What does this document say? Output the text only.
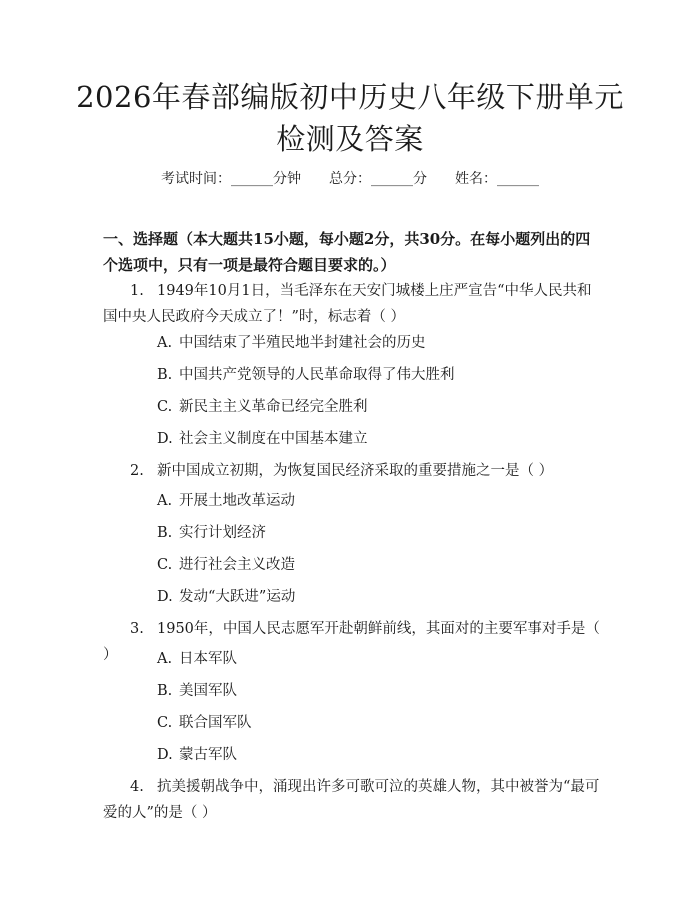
2026年春部编版初中历史八年级下册单元检测及答案
考试时间：______分钟 总分：______分 姓名：______

一、选择题（本大题共15小题，每小题2分，共30分。在每小题列出的四个选项中，只有一项是最符合题目要求的。）

1. 1949年10月1日，当毛泽东在天安门城楼上庄严宣告“中华人民共和国中央人民政府今天成立了！”时，标志着（ ）

A. 中国结束了半殖民地半封建社会的历史

B. 中国共产党领导的人民革命取得了伟大胜利

C. 新民主主义革命已经完全胜利

D. 社会主义制度在中国基本建立

2. 新中国成立初期，为恢复国民经济采取的重要措施之一是（ ）

A. 开展土地改革运动

B. 实行计划经济

C. 进行社会主义改造

D. 发动“大跃进”运动

3. 1950年，中国人民志愿军开赴朝鲜前线，其面对的主要军事对手是（ ）	A. 日本军队

B. 美国军队

C. 联合国军队

D. 蒙古军队

4. 抗美援朝战争中，涌现出许多可歌可泣的英雄人物，其中被誉为“最可爱的人”的是（ ）
